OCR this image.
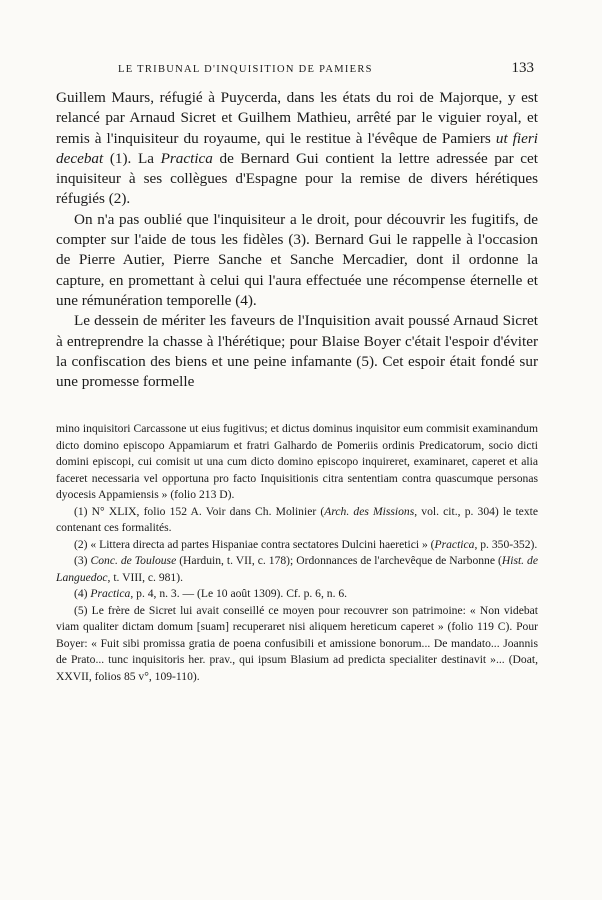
LE TRIBUNAL D'INQUISITION DE PAMIERS	133

Guillem Maurs, réfugié à Puycerda, dans les états du roi de Majorque, y est relancé par Arnaud Sicret et Guilhem Mathieu, arrêté par le viguier royal, et remis à l'inquisiteur du royaume, qui le restitue à l'évêque de Pamiers ut fieri decebat (1). La Practica de Bernard Gui contient la lettre adressée par cet inquisiteur à ses collègues d'Espagne pour la remise de divers hérétiques réfugiés (2).

On n'a pas oublié que l'inquisiteur a le droit, pour découvrir les fugitifs, de compter sur l'aide de tous les fidèles (3). Bernard Gui le rappelle à l'occasion de Pierre Autier, Pierre Sanche et Sanche Mercadier, dont il ordonne la capture, en promettant à celui qui l'aura effectuée une récompense éternelle et une rémunération temporelle (4).

Le dessein de mériter les faveurs de l'Inquisition avait poussé Arnaud Sicret à entreprendre la chasse à l'hérétique; pour Blaise Boyer c'était l'espoir d'éviter la confiscation des biens et une peine infamante (5). Cet espoir était fondé sur une promesse formelle

mino inquisitori Carcassone ut eius fugitivus; et dictus dominus inquisitor eum commisit examinandum dicto domino episcopo Appamiarum et fratri Galhardo de Pomeriis ordinis Predicatorum, socio dicti domini episcopi, cui comisit ut una cum dicto domino episcopo inquireret, examinaret, caperet et alia faceret necessaria vel opportuna pro facto Inquisitionis citra sententiam contra quascumque personas dyocesis Appamiensis » (folio 213 D).

(1) N° XLIX, folio 152 A. Voir dans Ch. Molinier (Arch. des Missions, vol. cit., p. 304) le texte contenant ces formalités.

(2) « Littera directa ad partes Hispaniae contra sectatores Dulcini haeretici » (Practica, p. 350-352).

(3) Conc. de Toulouse (Harduin, t. VII, c. 178); Ordonnances de l'archevêque de Narbonne (Hist. de Languedoc, t. VIII, c. 981).

(4) Practica, p. 4, n. 3. — (Le 10 août 1309). Cf. p. 6, n. 6.

(5) Le frère de Sicret lui avait conseillé ce moyen pour recouvrer son patrimoine: « Non videbat viam qualiter dictam domum [suam] recuperaret nisi aliquem hereticum caperet » (folio 119 C). Pour Boyer: « Fuit sibi promissa gratia de poena confusibili et amissione bonorum... De mandato... Joannis de Prato... tunc inquisitoris her. prav., qui ipsum Blasium ad predicta specialiter destinavit »... (Doat, XXVII, folios 85 v°, 109-110).
